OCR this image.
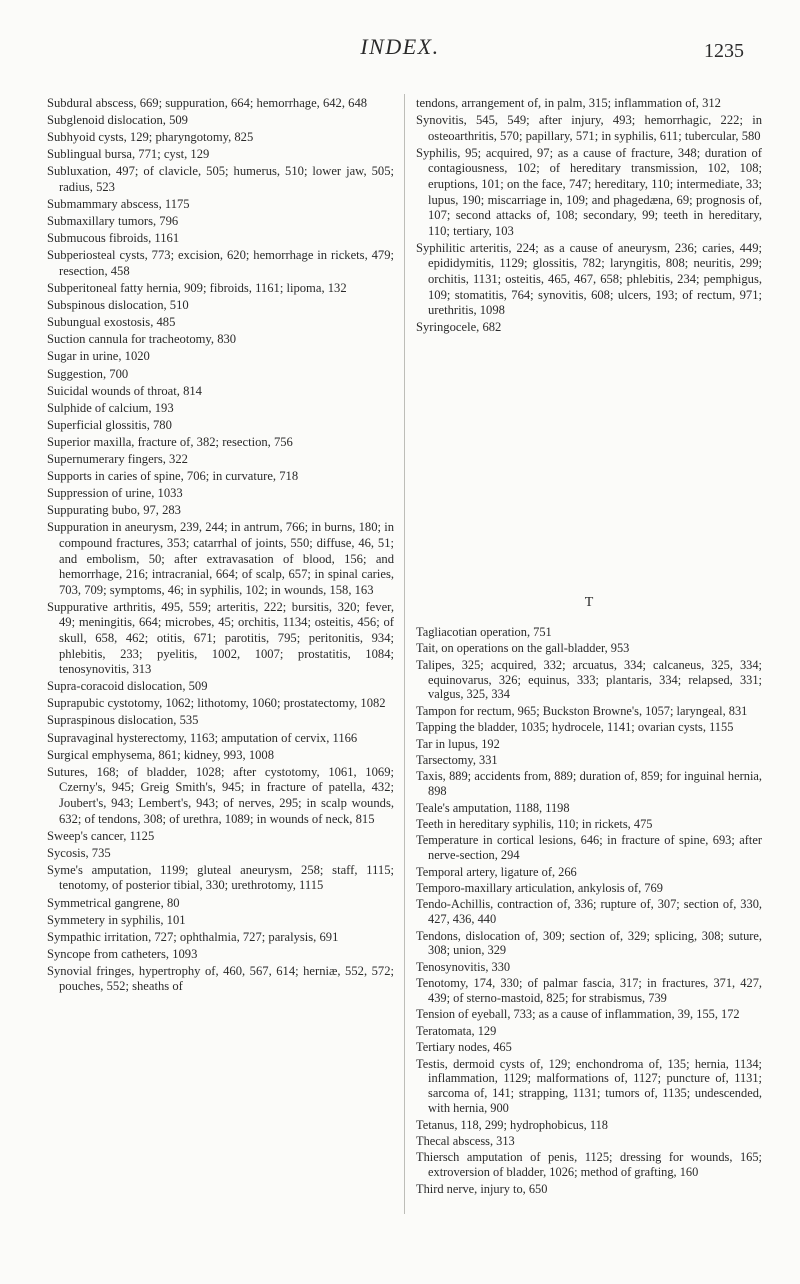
INDEX.	1235

Subdural abscess, 669; suppuration, 664; hemorrhage, 642, 648

Subglenoid dislocation, 509

Subhyoid cysts, 129; pharyngotomy, 825

Sublingual bursa, 771; cyst, 129

Subluxation, 497; of clavicle, 505; humerus, 510; lower jaw, 505; radius, 523

Submammary abscess, 1175

Submaxillary tumors, 796

Submucous fibroids, 1161

Subperiosteal cysts, 773; excision, 620; hemorrhage in rickets, 479; resection, 458

Subperitoneal fatty hernia, 909; fibroids, 1161; lipoma, 132

Subspinous dislocation, 510

Subungual exostosis, 485

Suction cannula for tracheotomy, 830

Sugar in urine, 1020

Suggestion, 700

Suicidal wounds of throat, 814

Sulphide of calcium, 193

Superficial glossitis, 780

Superior maxilla, fracture of, 382; resection, 756

Supernumerary fingers, 322

Supports in caries of spine, 706; in curvature, 718

Suppression of urine, 1033

Suppurating bubo, 97, 283

Suppuration in aneurysm, 239, 244; in antrum, 766; in burns, 180; in compound fractures, 353; catarrhal of joints, 550; diffuse, 46, 51; and embolism, 50; after extravasation of blood, 156; and hemorrhage, 216; intracranial, 664; of scalp, 657; in spinal caries, 703, 709; symptoms, 46; in syphilis, 102; in wounds, 158, 163

Suppurative arthritis, 495, 559; arteritis, 222; bursitis, 320; fever, 49; meningitis, 664; microbes, 45; orchitis, 1134; osteitis, 456; of skull, 658, 462; otitis, 671; parotitis, 795; peritonitis, 934; phlebitis, 233; pyelitis, 1002, 1007; prostatitis, 1084; tenosynovitis, 313

Supra-coracoid dislocation, 509

Suprapubic cystotomy, 1062; lithotomy, 1060; prostatectomy, 1082

Supraspinous dislocation, 535

Supravaginal hysterectomy, 1163; amputation of cervix, 1166

Surgical emphysema, 861; kidney, 993, 1008

Sutures, 168; of bladder, 1028; after cystotomy, 1061, 1069; Czerny's, 945; Greig Smith's, 945; in fracture of patella, 432; Joubert's, 943; Lembert's, 943; of nerves, 295; in scalp wounds, 632; of tendons, 308; of urethra, 1089; in wounds of neck, 815

Sweep's cancer, 1125

Sycosis, 735

Syme's amputation, 1199; gluteal aneurysm, 258; staff, 1115; tenotomy, of posterior tibial, 330; urethrotomy, 1115

Symmetrical gangrene, 80

Symmetery in syphilis, 101

Sympathic irritation, 727; ophthalmia, 727; paralysis, 691

Syncope from catheters, 1093

Synovial fringes, hypertrophy of, 460, 567, 614; herniæ, 552, 572; pouches, 552; sheaths of

tendons, arrangement of, in palm, 315; inflammation of, 312

Synovitis, 545, 549; after injury, 493; hemorrhagic, 222; in osteoarthritis, 570; papillary, 571; in syphilis, 611; tubercular, 580

Syphilis, 95; acquired, 97; as a cause of fracture, 348; duration of contagiousness, 102; of hereditary transmission, 102, 108; eruptions, 101; on the face, 747; hereditary, 110; intermediate, 33; lupus, 190; miscarriage in, 109; and phagedæna, 69; prognosis of, 107; second attacks of, 108; secondary, 99; teeth in hereditary, 110; tertiary, 103

Syphilitic arteritis, 224; as a cause of aneurysm, 236; caries, 449; epididymitis, 1129; glossitis, 782; laryngitis, 808; neuritis, 299; orchitis, 1131; osteitis, 465, 467, 658; phlebitis, 234; pemphigus, 109; stomatitis, 764; synovitis, 608; ulcers, 193; of rectum, 971; urethritis, 1098

Syringocele, 682

T

Tagliacotian operation, 751

Tait, on operations on the gall-bladder, 953

Talipes, 325; acquired, 332; arcuatus, 334; calcaneus, 325, 334; equinovarus, 326; equinus, 333; plantaris, 334; relapsed, 331; valgus, 325, 334

Tampon for rectum, 965; Buckston Browne's, 1057; laryngeal, 831

Tapping the bladder, 1035; hydrocele, 1141; ovarian cysts, 1155

Tar in lupus, 192

Tarsectomy, 331

Taxis, 889; accidents from, 889; duration of, 859; for inguinal hernia, 898

Teale's amputation, 1188, 1198

Teeth in hereditary syphilis, 110; in rickets, 475

Temperature in cortical lesions, 646; in fracture of spine, 693; after nerve-section, 294

Temporal artery, ligature of, 266

Temporo-maxillary articulation, ankylosis of, 769

Tendo-Achillis, contraction of, 336; rupture of, 307; section of, 330, 427, 436, 440

Tendons, dislocation of, 309; section of, 329; splicing, 308; suture, 308; union, 329

Tenosynovitis, 330

Tenotomy, 174, 330; of palmar fascia, 317; in fractures, 371, 427, 439; of sterno-mastoid, 825; for strabismus, 739

Tension of eyeball, 733; as a cause of inflammation, 39, 155, 172

Teratomata, 129

Tertiary nodes, 465

Testis, dermoid cysts of, 129; enchondroma of, 135; hernia, 1134; inflammation, 1129; malformations of, 1127; puncture of, 1131; sarcoma of, 141; strapping, 1131; tumors of, 1135; undescended, with hernia, 900

Tetanus, 118, 299; hydrophobicus, 118

Thecal abscess, 313

Thiersch amputation of penis, 1125; dressing for wounds, 165; extroversion of bladder, 1026; method of grafting, 160

Third nerve, injury to, 650
